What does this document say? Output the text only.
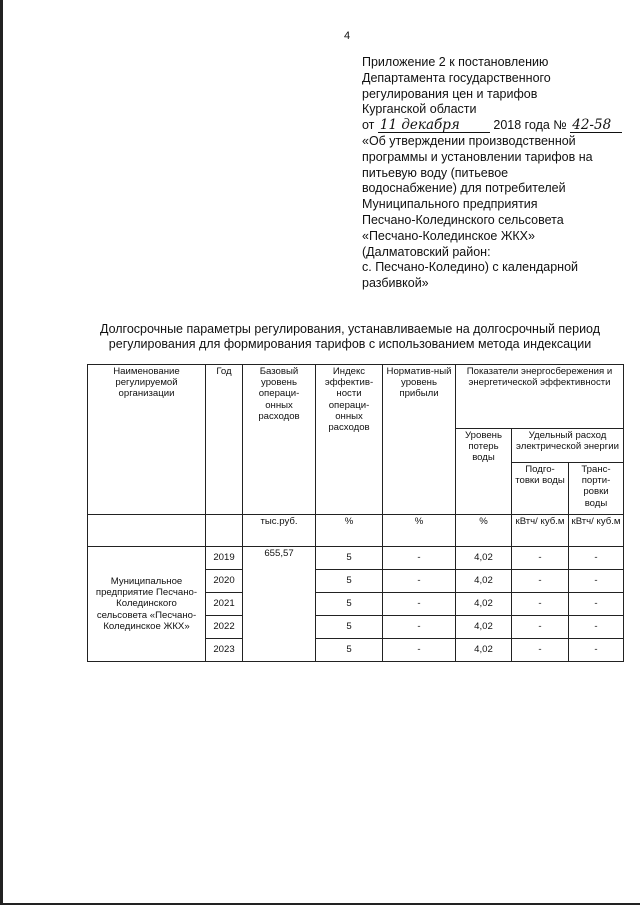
4
Приложение 2 к постановлению
Департамента государственного
регулирования цен и тарифов
Курганской области
от 11 декабря	2018 года № 42-58
«Об утверждении производственной
программы и установлении тарифов на
питьевую воду (питьевое
водоснабжение) для потребителей
Муниципального предприятия
Песчано-Колединского сельсовета
«Песчано-Колединское ЖКХ»
(Далматовский район:
с. Песчано-Колединo) с календарной
разбивкой»
Долгосрочные параметры регулирования, устанавливаемые на долгосрочный период
регулирования для формирования тарифов с использованием метода индексации
Наименование регулируемой организации	Год	Базовый уровень операци-онных расходов	Индекс эффектив-ности операци-онных расходов	Норматив-ный уровень прибыли	Показатели энергосбережения и энергетической эффективности		
					Уровень потерь воды	Удельный расход электрической энергии	
						Подго-товки воды	Транс-порти-ровки воды

		тыс.руб.	%	%	%	кВтч/ куб.м	кВтч/ куб.м
Муниципальное предприятие Песчано-Колединского сельсовета «Песчано-Колединское ЖКХ»	2019	655,57	5	-	4,02	-	-
	2020		5	-	4,02	-	-
	2021		5	-	4,02	-	-
	2022		5	-	4,02	-	-
	2023		5	-	4,02	-	-
